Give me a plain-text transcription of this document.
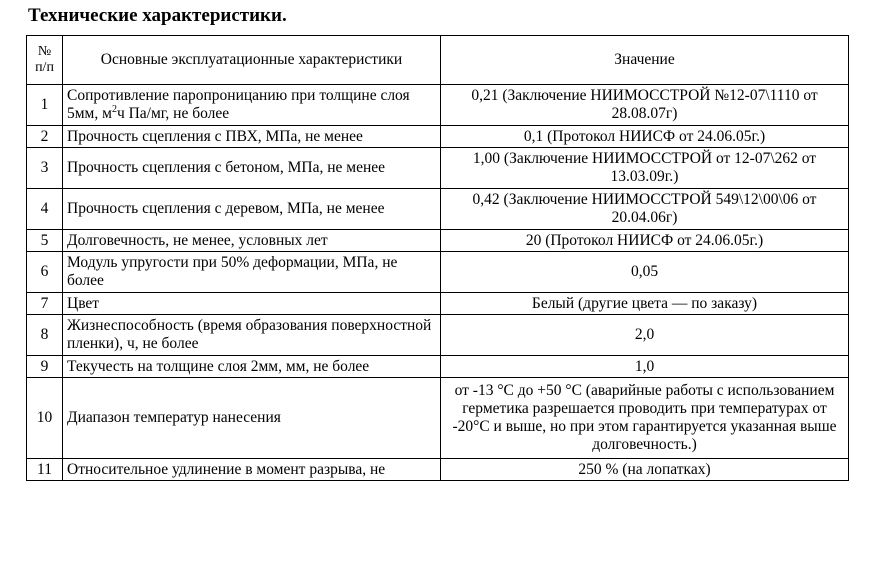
Технические характеристики.
№
п/п	Основные эксплуатационные характеристики	Значение
1	Сопротивление паропроницанию при толщине слоя 5мм, $м^2ч$ Па/мг, не более	0,21 (Заключение НИИМОССТРОЙ №12-07\1110 от 28.08.07г)
2	Прочность сцепления с ПВХ, МПа, не менее	0,1 (Протокол НИИСФ от 24.06.05г.)
3	Прочность сцепления с бетоном, МПа, не менее	1,00 (Заключение НИИМОССТРОЙ от 12-07\262 от 13.03.09г.)
4	Прочность сцепления с деревом, МПа, не менее	0,42 (Заключение НИИМОССТРОЙ 549\12\00\06 от 20.04.06г)
5	Долговечность, не менее, условных лет	20 (Протокол НИИСФ от 24.06.05г.)
6	Модуль упругости при 50% деформации, МПа, не более	0,05
7	Цвет	Белый (другие цвета — по заказу)
8	Жизнеспособность (время образования поверхностной пленки), ч, не более	2,0
9	Текучесть на толщине слоя 2мм, мм, не более	1,0
10	Диапазон температур нанесения	от -13 °С до +50 °С (аварийные работы с использованием герметика разрешается проводить при температурах от -20°С и выше, но при этом гарантируется указанная выше долговечность.)
11	Относительное удлинение в момент разрыва, не	250 % (на лопатках)
